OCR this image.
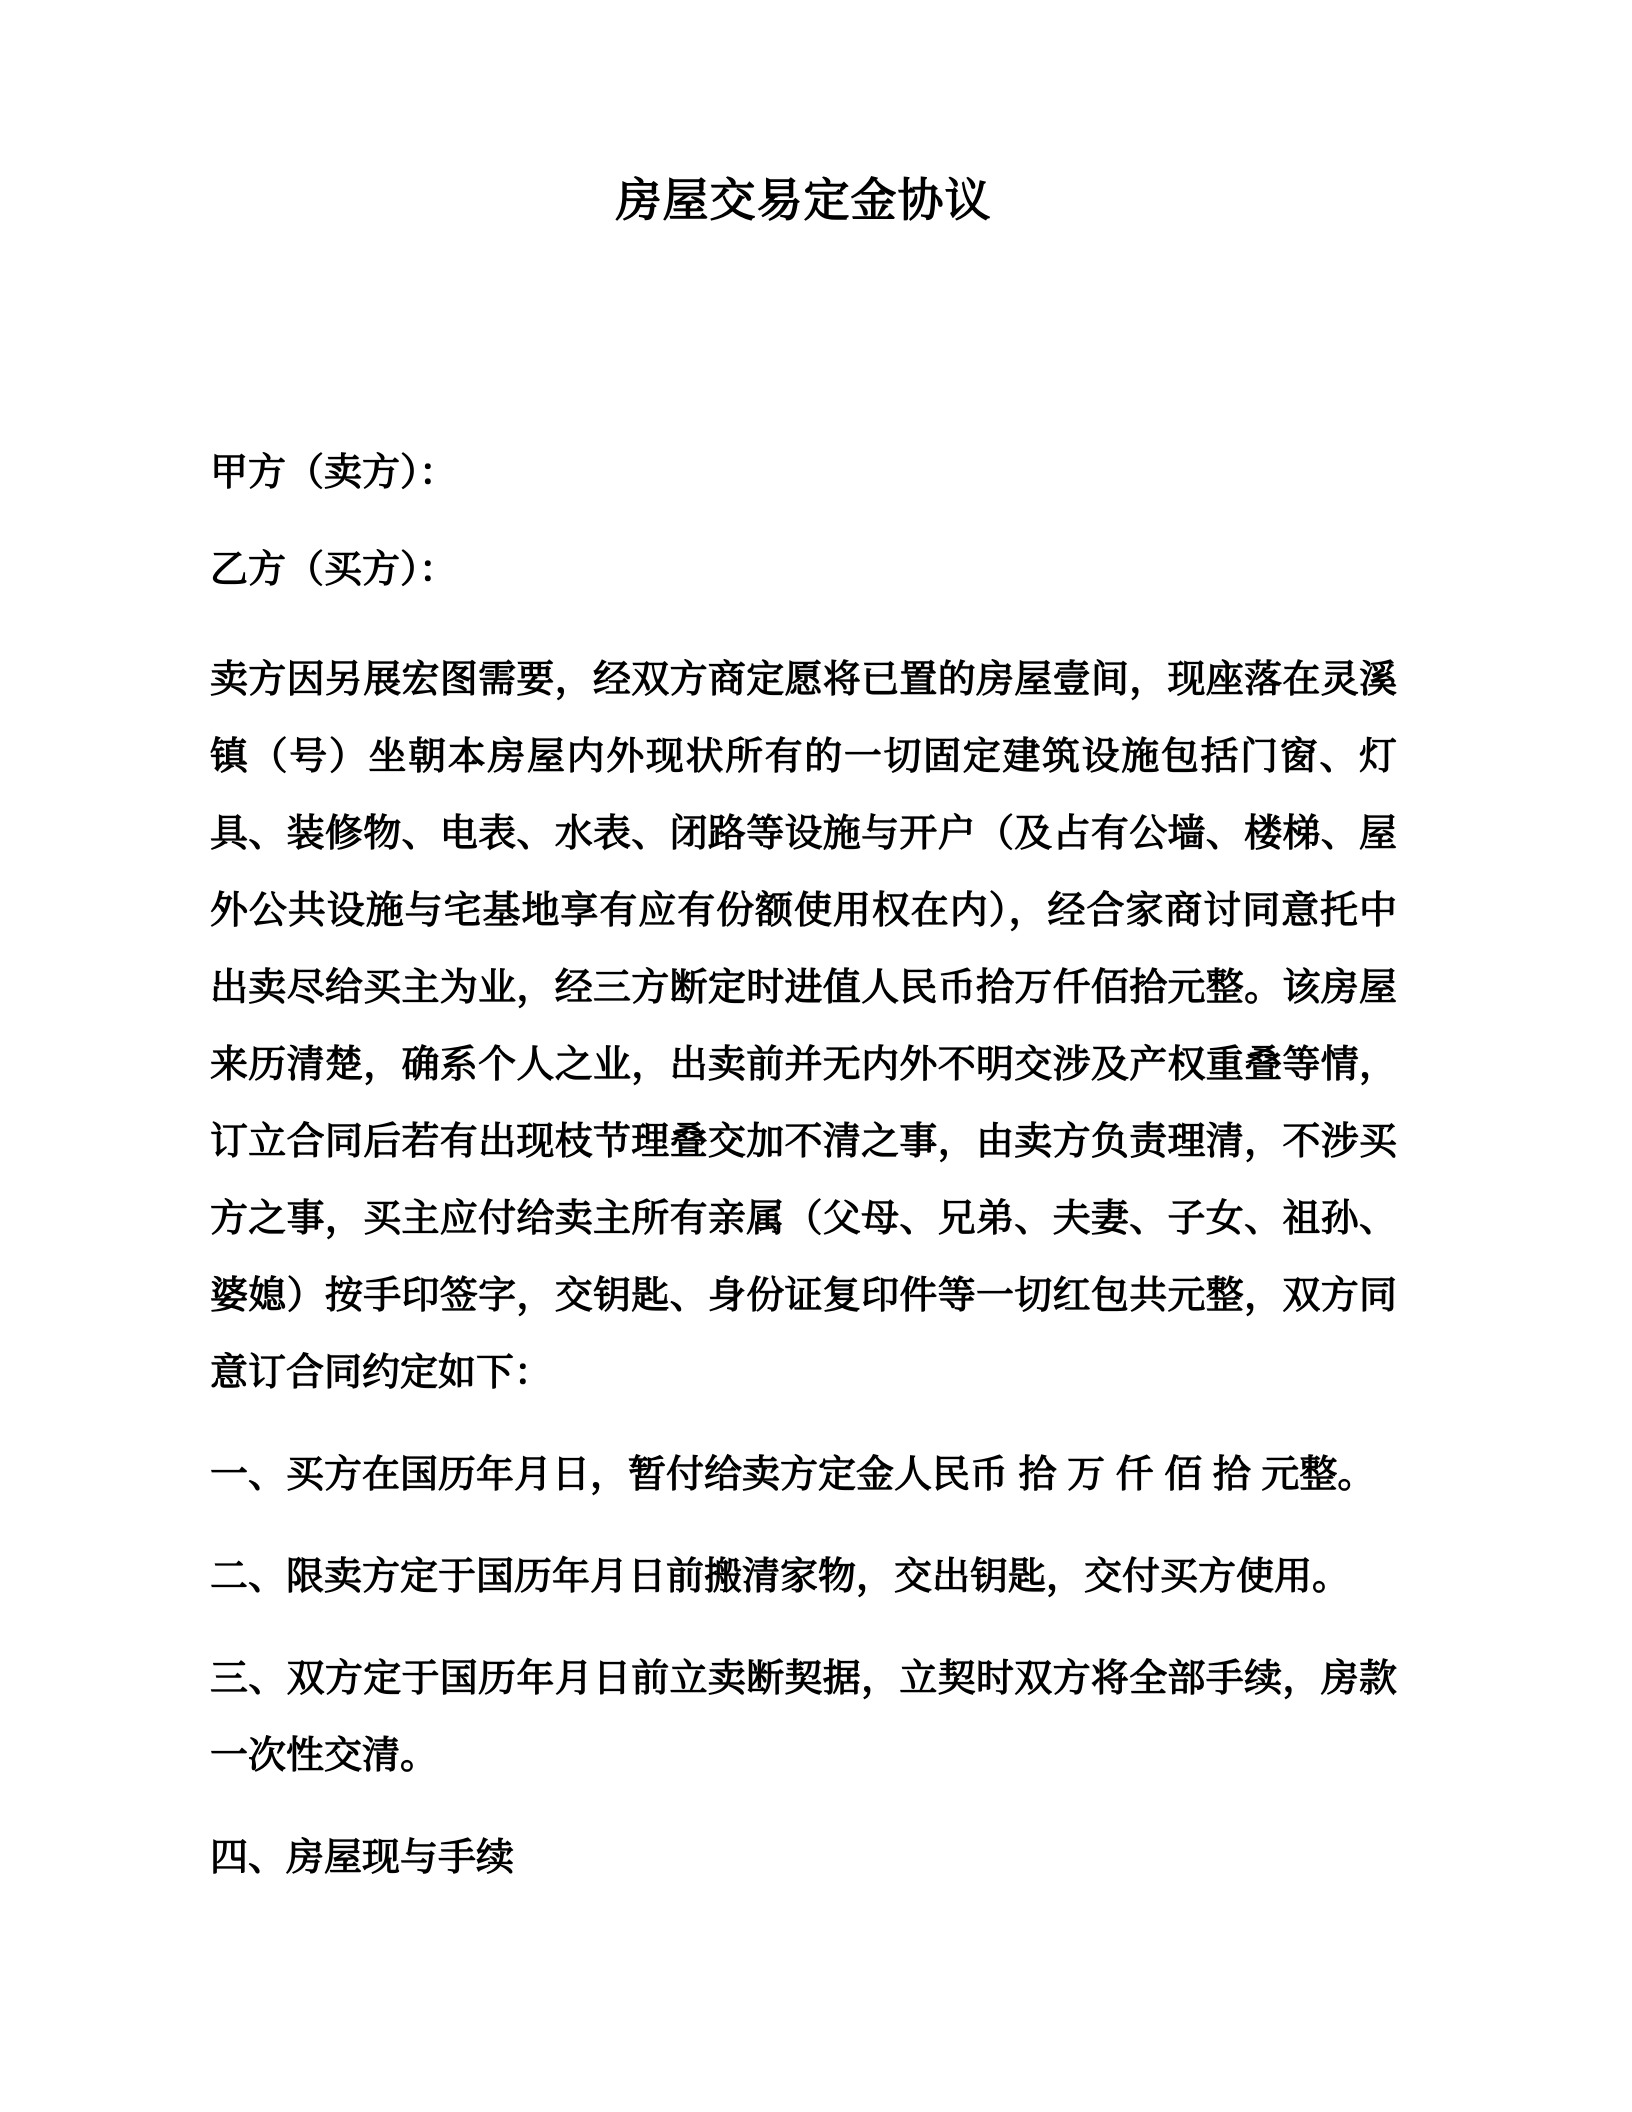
房屋交易定金协议
甲方（卖方）：
乙方（买方）：
卖方因另展宏图需要，经双方商定愿将已置的房屋壹间，现座落在灵溪镇（号）坐朝本房屋内外现状所有的一切固定建筑设施包括门窗、灯具、装修物、电表、水表、闭路等设施与开户（及占有公墙、楼梯、屋外公共设施与宅基地享有应有份额使用权在内），经合家商讨同意托中出卖尽给买主为业，经三方断定时进值人民币拾万仟佰拾元整。该房屋来历清楚，确系个人之业，出卖前并无内外不明交涉及产权重叠等情，订立合同后若有出现枝节理叠交加不清之事，由卖方负责理清，不涉买方之事，买主应付给卖主所有亲属（父母、兄弟、夫妻、子女、祖孙、婆媳）按手印签字，交钥匙、身份证复印件等一切红包共元整，双方同意订合同约定如下：
一、买方在国历年月日，暂付给卖方定金人民币 拾 万 仟 佰 拾 元整。
二、限卖方定于国历年月日前搬清家物，交出钥匙，交付买方使用。
三、双方定于国历年月日前立卖断契据，立契时双方将全部手续，房款一次性交清。
四、房屋现与手续
